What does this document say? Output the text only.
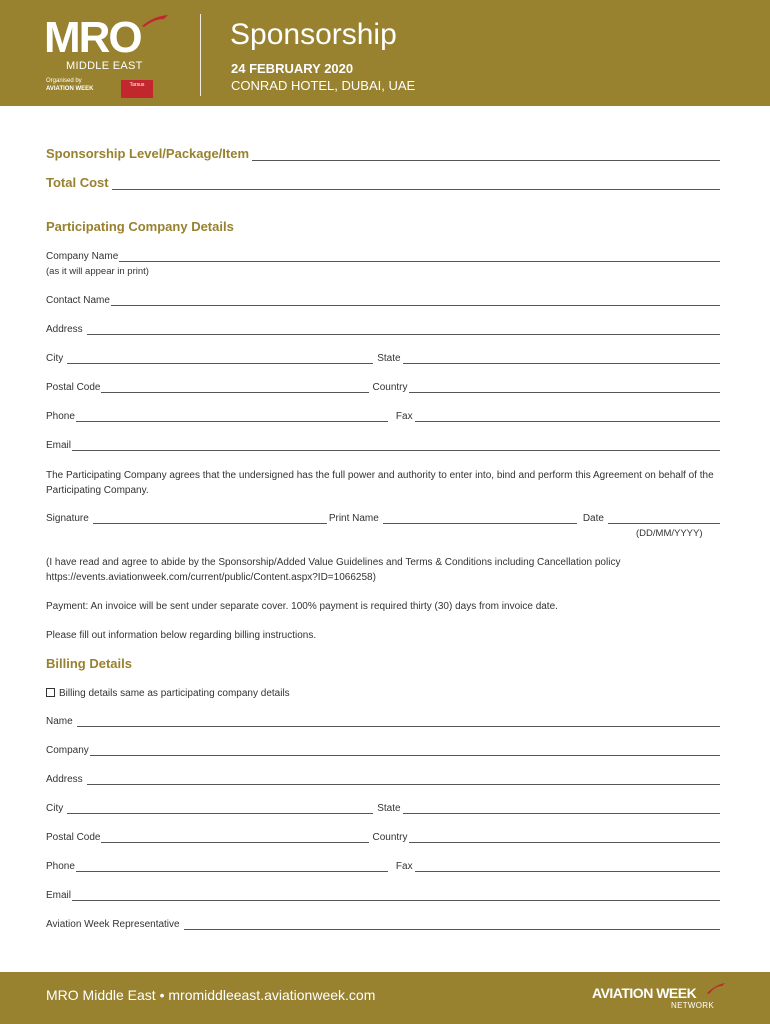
MRO
MIDDLE EAST
Organised by
AVIATION WEEK
Tarsus
Sponsorship
24 FEBRUARY 2020
CONRAD HOTEL, DUBAI, UAE
Sponsorship Level/Package/Item
Total Cost
Participating Company Details
Company Name
(as it will appear in print)
Contact Name
Address
City	State
Postal Code	Country
Phone	Fax
Email
The Participating Company agrees that the undersigned has the full power and authority to enter into, bind and perform this Agreement on behalf of the Participating Company.
Signature	Print Name	Date
(DD/MM/YYYY)
(I have read and agree to abide by the Sponsorship/Added Value Guidelines and Terms & Conditions including Cancellation policy https://events.aviationweek.com/current/public/Content.aspx?ID=1066258)
Payment: An invoice will be sent under separate cover. 100% payment is required thirty (30) days from invoice date.
Please fill out information below regarding billing instructions.
Billing Details
Billing details same as participating company details
Name
Company
Address
City	State
Postal Code	Country
Phone	Fax
Email
Aviation Week Representative
MRO Middle East • mromiddleeast.aviationweek.com	AVIATION WEEK
NETWORK
